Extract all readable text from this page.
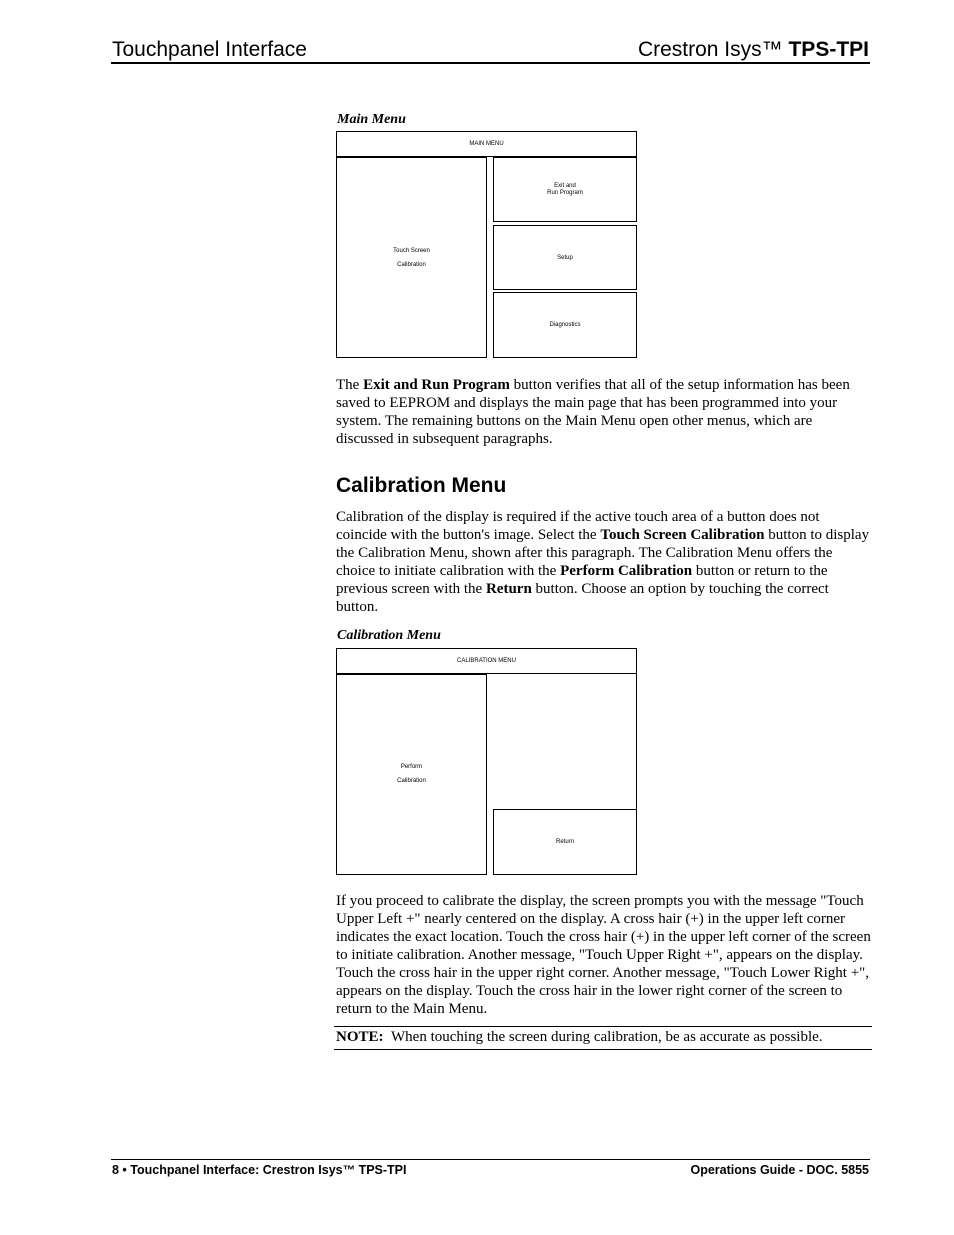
Touchpanel Interface	Crestron Isys™ TPS-TPI
Main Menu
MAIN MENU
Touch Screen
Calibration
Exit and
Run Program
Setup
Diagnostics
The Exit and Run Program button verifies that all of the setup information has been saved to EEPROM and displays the main page that has been programmed into your system. The remaining buttons on the Main Menu open other menus, which are discussed in subsequent paragraphs.
Calibration Menu
Calibration of the display is required if the active touch area of a button does not coincide with the button's image. Select the Touch Screen Calibration button to display the Calibration Menu, shown after this paragraph. The Calibration Menu offers the choice to initiate calibration with the Perform Calibration button or return to the previous screen with the Return button. Choose an option by touching the correct button.
Calibration Menu
CALIBRATION MENU
Perform
Calibration
Return
If you proceed to calibrate the display, the screen prompts you with the message "Touch Upper Left +" nearly centered on the display. A cross hair (+) in the upper left corner indicates the exact location. Touch the cross hair (+) in the upper left corner of the screen to initiate calibration. Another message, "Touch Upper Right +", appears on the display. Touch the cross hair in the upper right corner. Another message, "Touch Lower Right +", appears on the display. Touch the cross hair in the lower right corner of the screen to return to the Main Menu.
NOTE: When touching the screen during calibration, be as accurate as possible.
8 • Touchpanel Interface: Crestron Isys™ TPS-TPI	Operations Guide - DOC. 5855
